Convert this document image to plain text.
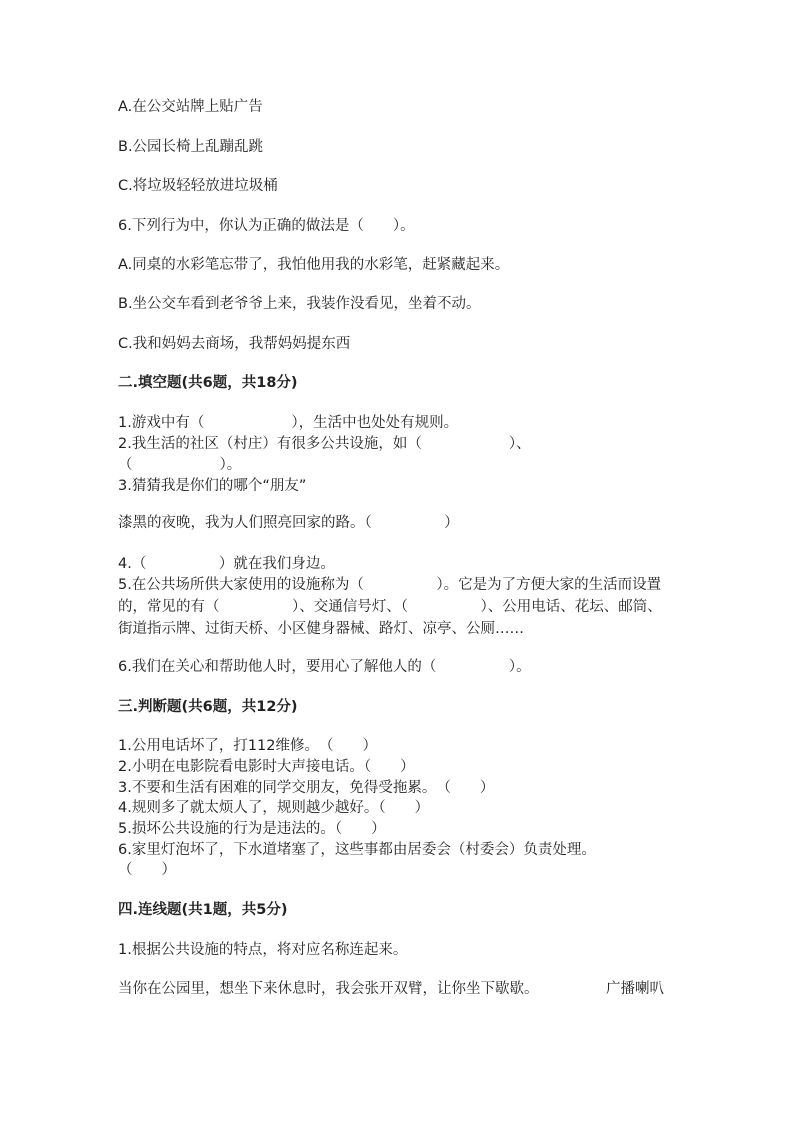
A.在公交站牌上贴广告
B.公园长椅上乱蹦乱跳
C.将垃圾轻轻放进垃圾桶
6.下列行为中，你认为正确的做法是（　　）。
A.同桌的水彩笔忘带了，我怕他用我的水彩笔，赶紧藏起来。
B.坐公交车看到老爷爷上来，我装作没看见，坐着不动。
C.我和妈妈去商场，我帮妈妈提东西
二.填空题(共6题，共18分)
1.游戏中有（　　　　　　），生活中也处处有规则。
2.我生活的社区（村庄）有很多公共设施，如（　　　　　　）、
（　　　　　　）。
3.猜猜我是你们的哪个“朋友”
漆黑的夜晚，我为人们照亮回家的路。（　　　　　）
4.（　　　　　）就在我们身边。
5.在公共场所供大家使用的设施称为（　　　　　）。它是为了方便大家的生活而设置的，常见的有（　　　　　）、交通信号灯、（　　　　　）、公用电话、花坛、邮筒、街道指示牌、过街天桥、小区健身器械、路灯、凉亭、公厕……
6.我们在关心和帮助他人时，要用心了解他人的（　　　　　）。
三.判断题(共6题，共12分)
1.公用电话坏了，打112维修。　（　　）
2.小明在电影院看电影时大声接电话。（　　）
3.不要和生活有困难的同学交朋友，免得受拖累。　（　　）
4.规则多了就太烦人了，规则越少越好。（　　）
5.损坏公共设施的行为是违法的。（　　）
6.家里灯泡坏了，下水道堵塞了，这些事都由居委会（村委会）负责处理。
（　　）
四.连线题(共1题，共5分)
1.根据公共设施的特点，将对应名称连起来。
当你在公园里，想坐下来休息时，我会张开双臂，让你坐下歇歇。	广播喇叭
